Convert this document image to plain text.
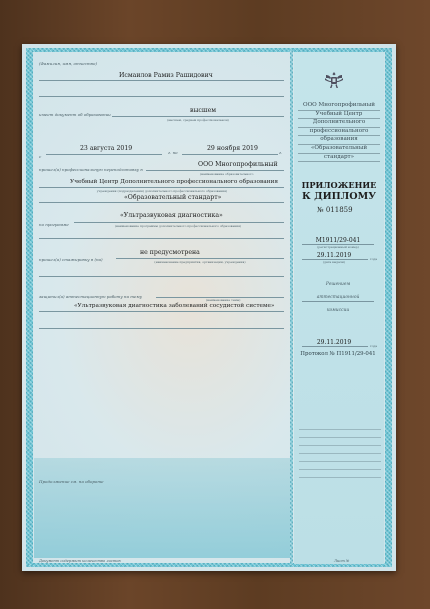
(Фамилия, имя, отчество)
Исмаилов Рамиз Рашидович
имеет документ об образовании
высшем
(высшем, среднем профессиональном)
с
23 августа 2019
г. по
29 ноября 2019
г.
прошел(а) профессиональную переподготовку в
ООО Многопрофильный
(наименование образовательного
Учебный Центр Дополнительного профессионального образования
учреждения (подразделения) дополнительного профессионального образования)
«Образовательный стандарт»
«Ультразвуковая диагностика»
по программе	(наименование программы дополнительного профессионального образования)
не предусмотрена
прошел(а) стажировку в (на)	(наименование предприятия, организации, учреждения)
защитил(а) аттестационную работу на тему
(наименование темы)
«Ультразвуковая диагностика заболеваний сосудистой системе»
Продолжение см. на обороте
Документ содержит количество листов	Лист №
ООО Многопрофильный
Учебный Центр
Дополнительного
профессионального
образования
«Образовательный
стандарт»
ПРИЛОЖЕНИЕ
К ДИПЛОМУ
№ 011859
М1911/29-041
(регистрационный номер)
29.11.2019	года
(дата выдачи)
Решением
аттестационной
комиссии
29.11.2019	года
Протокол № П1911/29-041
